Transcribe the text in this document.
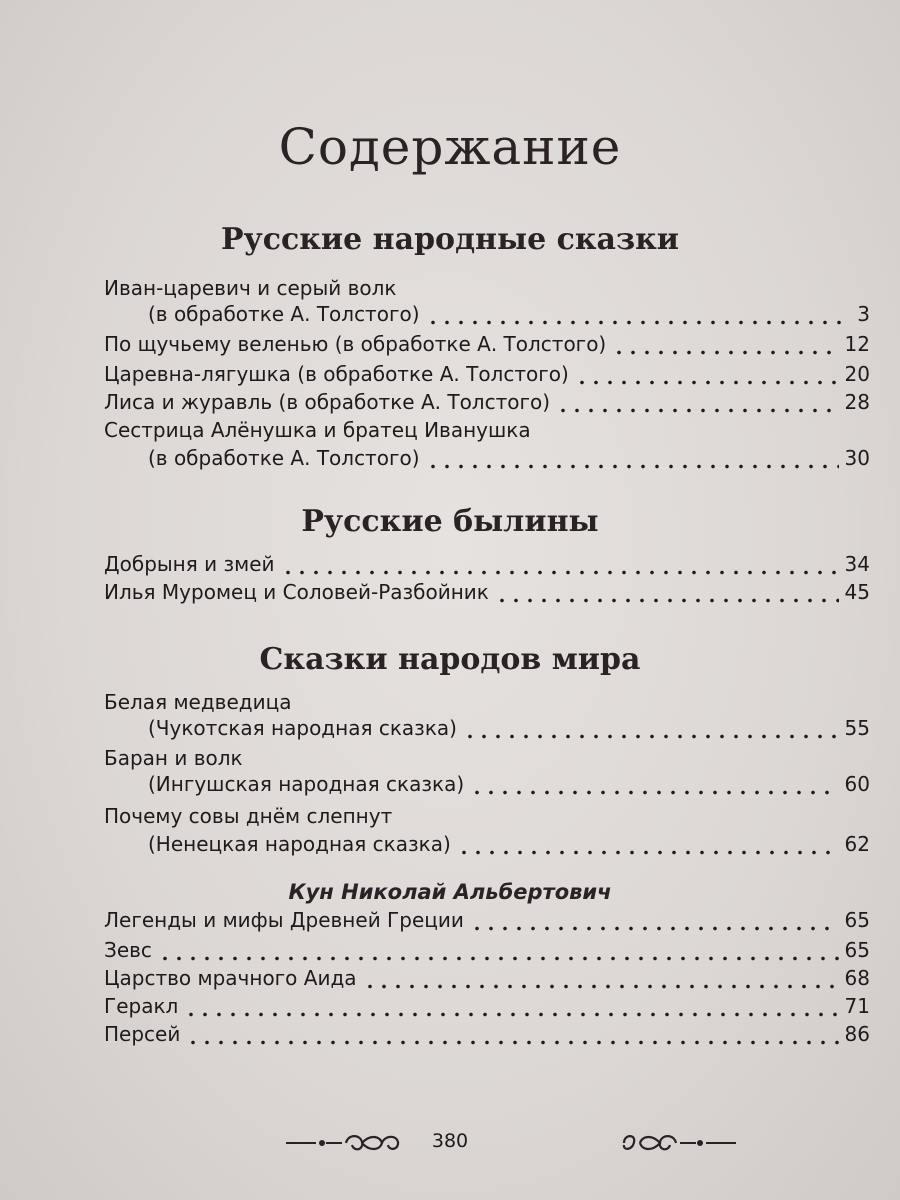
Содержание
Русские народные сказки
Иван-царевич и серый волк
(в обработке А. Толстого)	3
По щучьему веленью (в обработке А. Толстого)	12
Царевна-лягушка (в обработке А. Толстого)	20
Лиса и журавль (в обработке А. Толстого)	28
Сестрица Алёнушка и братец Иванушка
(в обработке А. Толстого)	30
Русские былины
Добрыня и змей	34
Илья Муромец и Соловей-Разбойник	45
Сказки народов мира
Белая медведица
(Чукотская народная сказка)	55
Баран и волк
(Ингушская народная сказка)	60
Почему совы днём слепнут
(Ненецкая народная сказка)	62
Кун Николай Альбертович
Легенды и мифы Древней Греции	65
Зевс	65
Царство мрачного Аида	68
Геракл	71
Персей	86
380
